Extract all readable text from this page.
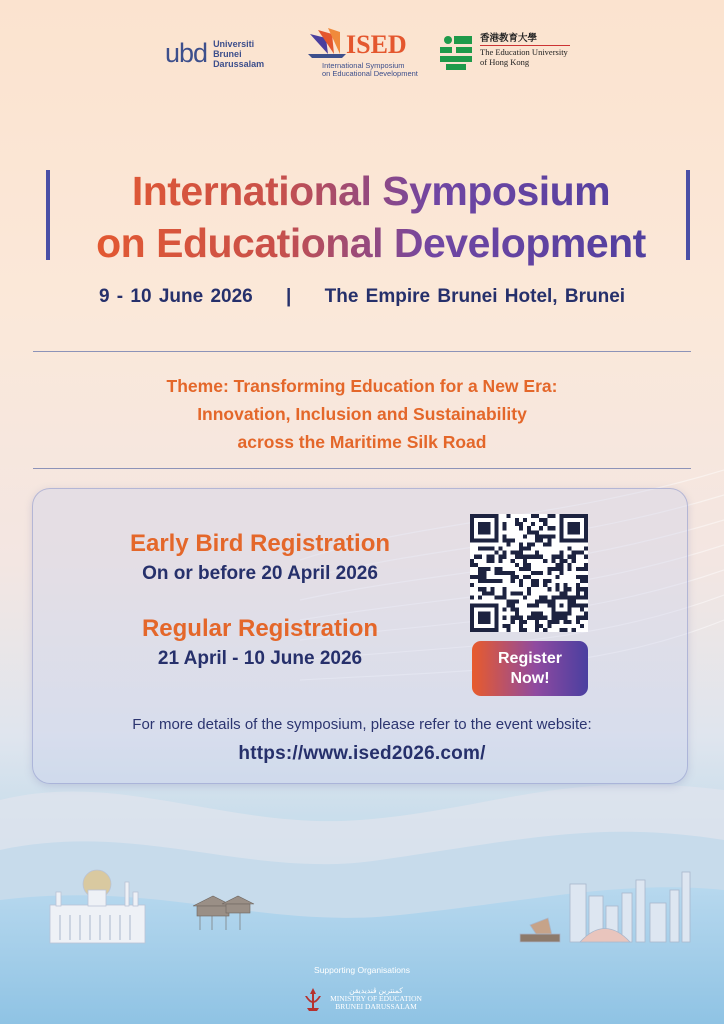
ubd Universiti
Brunei
Darussalam
ISED
International Symposium
on Educational Development
香港教育大學
The Education University
of Hong Kong
International Symposium
on Educational Development
9 - 10 June 2026 | The Empire Brunei Hotel, Brunei
Theme: Transforming Education for a New Era:
Innovation, Inclusion and Sustainability
across the Maritime Silk Road
Early Bird Registration
On or before 20 April 2026
Regular Registration
21 April - 10 June 2026	Register
Now!
For more details of the symposium, please refer to the event website:
https://www.ised2026.com/
Supporting Organisations
كمنترين ڤنديديقن
MINISTRY OF EDUCATION
BRUNEI DARUSSALAM
